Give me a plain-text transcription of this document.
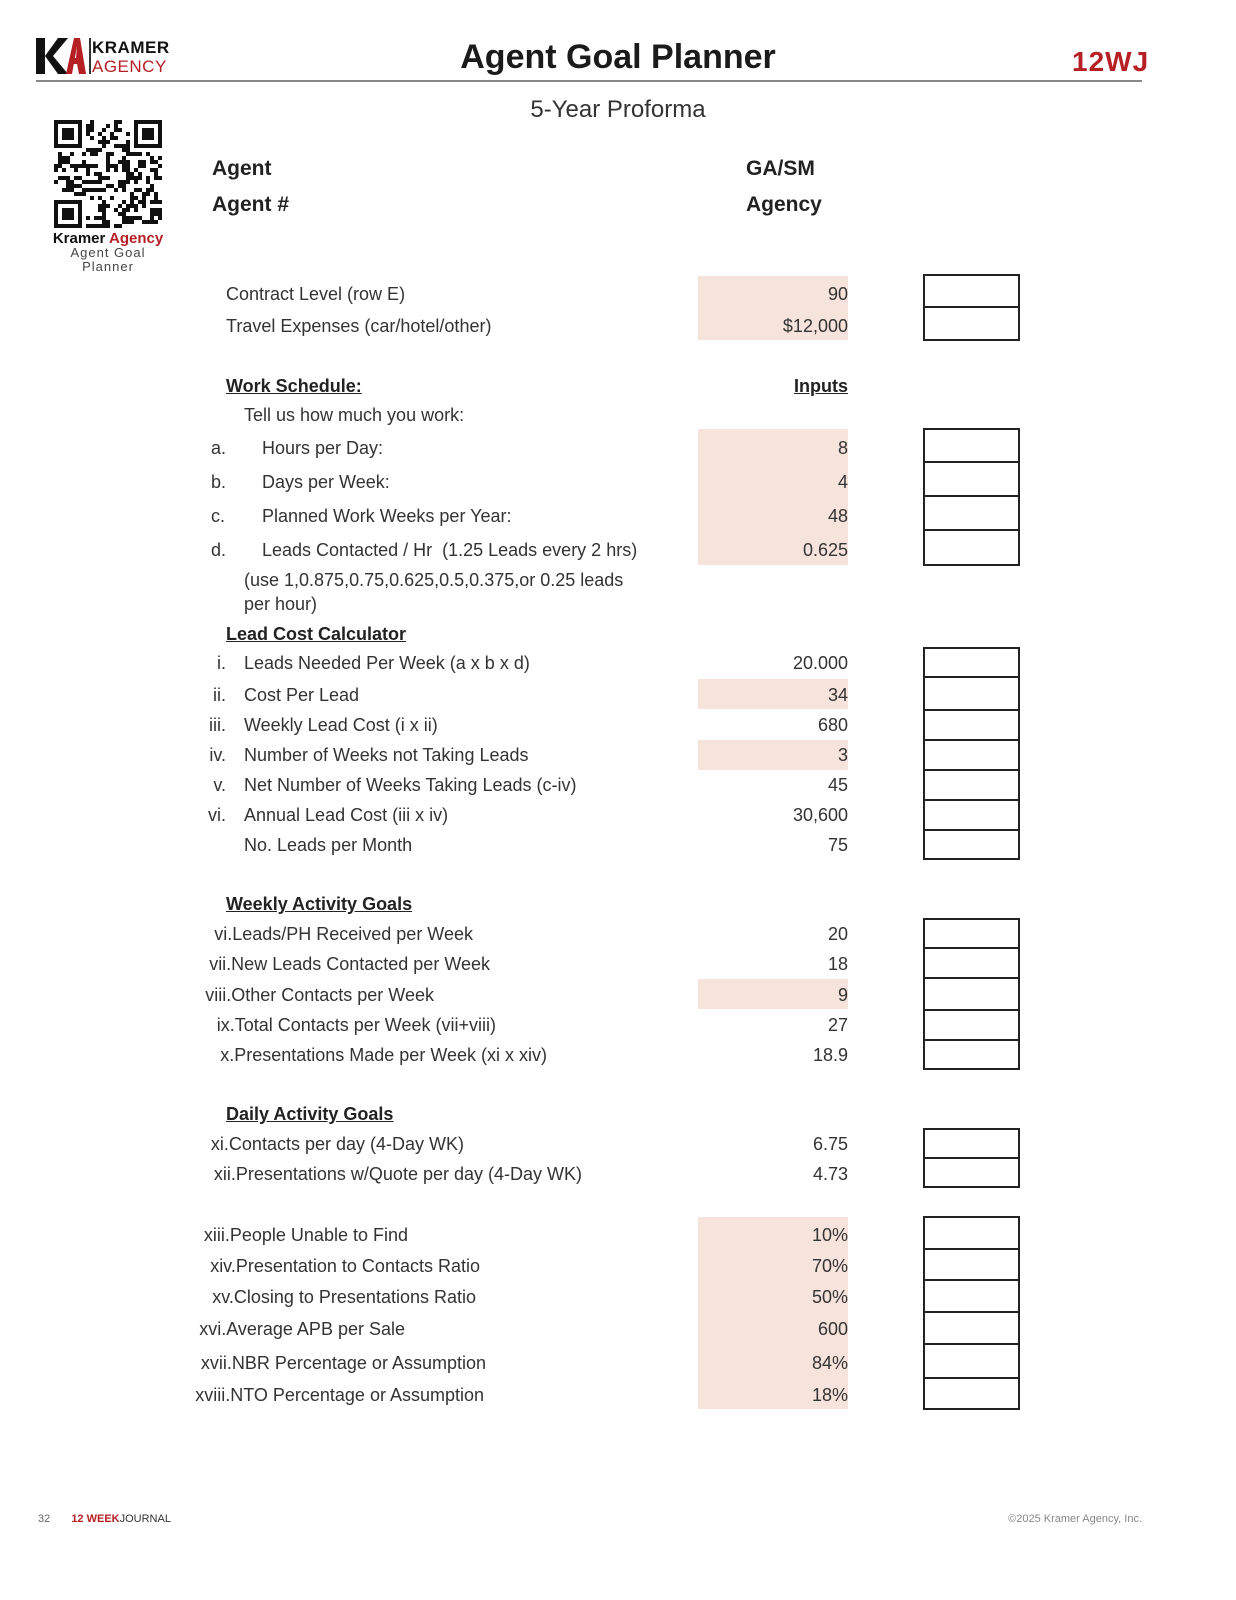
KRAMER
AGENCY	Agent Goal Planner	12WJ
5-Year Proforma
Kramer Agency
Agent Goal
Planner
Agent
Agent #
GA/SM
Agency
Contract Level (row E)	90
Travel Expenses (car/hotel/other)	$12,000
Work Schedule:	Inputs
Tell us how much you work:
a. Hours per Day:	8
b. Days per Week:	4
c. Planned Work Weeks per Year:	48
d. Leads Contacted / Hr  (1.25 Leads every 2 hrs)	0.625
(use 1,0.875,0.75,0.625,0.5,0.375,or 0.25 leads
per hour)
Lead Cost Calculator
i. Leads Needed Per Week (a x b x d)	20.000
ii. Cost Per Lead	34
iii. Weekly Lead Cost (i x ii)	680
iv. Number of Weeks not Taking Leads	3
v. Net Number of Weeks Taking Leads (c-iv)	45
vi. Annual Lead Cost (iii x iv)	30,600
No. Leads per Month	75
Weekly Activity Goals
vi.Leads/PH Received per Week	20
vii.New Leads Contacted per Week	18
viii.Other Contacts per Week	9
ix.Total Contacts per Week (vii+viii)	27
x.Presentations Made per Week (xi x xiv)	18.9
Daily Activity Goals
xi.Contacts per day (4-Day WK)	6.75
xii.Presentations w/Quote per day (4-Day WK)	4.73
xiii.People Unable to Find	10%
xiv.Presentation to Contacts Ratio	70%
xv.Closing to Presentations Ratio	50%
xvi.Average APB per Sale	600
xvii.NBR Percentage or Assumption	84%
xviii.NTO Percentage or Assumption	18%
32 12 WEEKJOURNAL	©2025 Kramer Agency, Inc.
